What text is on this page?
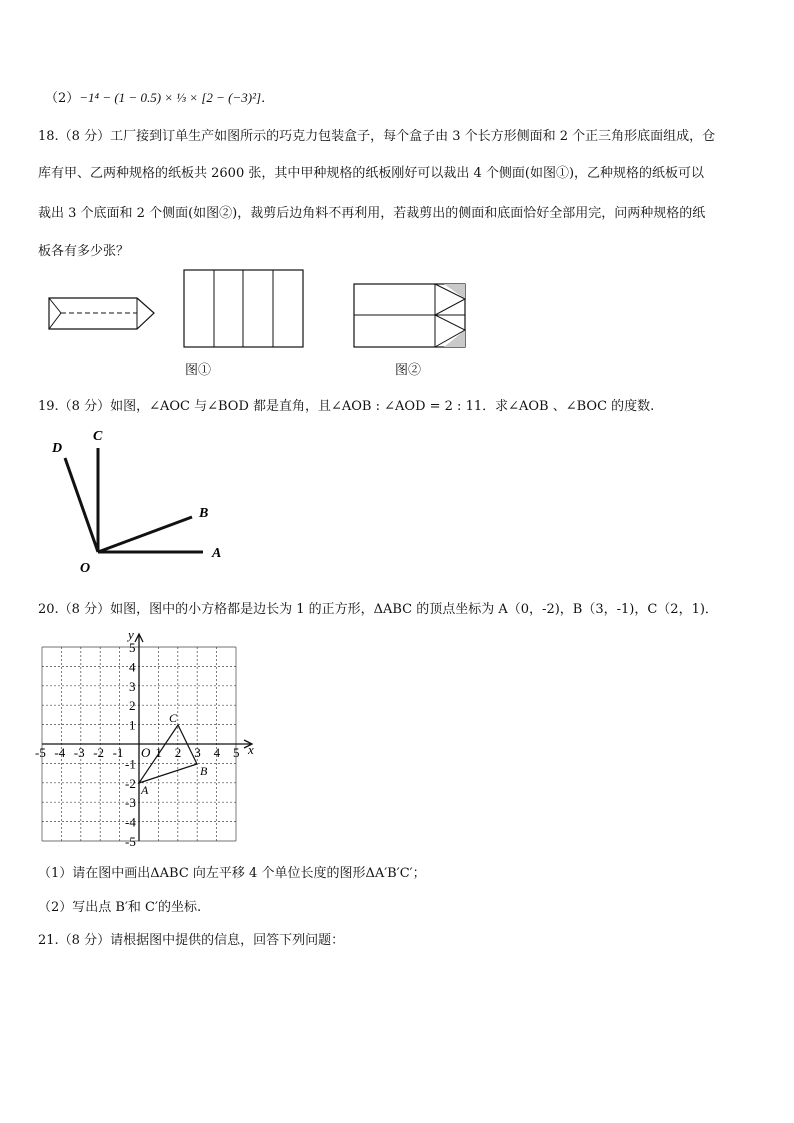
（2）−1⁴ − (1 − 0.5) × ⅓ × [2 − (−3)²]．
18.（8 分）工厂接到订单生产如图所示的巧克力包装盒子，每个盒子由 3 个长方形侧面和 2 个正三角形底面组成，仓
库有甲、乙两种规格的纸板共 2600 张，其中甲种规格的纸板刚好可以裁出 4 个侧面(如图①)，乙种规格的纸板可以
裁出 3 个底面和 2 个侧面(如图②)，裁剪后边角料不再利用，若裁剪出的侧面和底面恰好全部用完，问两种规格的纸
板各有多少张？
图①	图②
19.（8 分）如图，∠AOC 与∠BOD 都是直角，且∠AOB : ∠AOD = 2 : 11．求∠AOB 、∠BOC 的度数.
D
C
B
A
O
20.（8 分）如图，图中的小方格都是边长为 1 的正方形，ΔABC 的顶点坐标为 A（0，-2)，B（3，-1)，C（2，1)．
x
y
O
-5 -4 -3 -2 -1 1 2 3 4 5
5
4
3
2
1
-1
-2
-3
-4
-5
A
B
C
（1）请在图中画出ΔABC 向左平移 4 个单位长度的图形ΔA′B′C′；
（2）写出点 B′和 C′的坐标.
21.（8 分）请根据图中提供的信息，回答下列问题：
